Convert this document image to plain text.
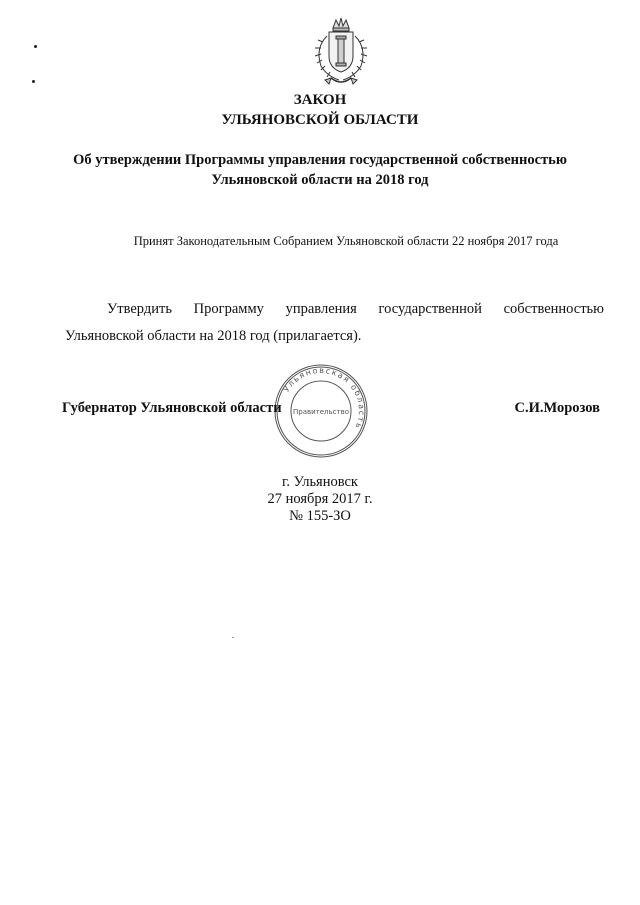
ЗАКОН
УЛЬЯНОВСКОЙ ОБЛАСТИ
Об утверждении Программы управления государственной собственностью
Ульяновской области на 2018 год
Принят Законодательным Собранием Ульяновской области 22 ноября 2017 года
Утвердить Программу управления государственной собственностью
Ульяновской области на 2018 год (прилагается).
Ульяновская область
Правительство
Губернатор Ульяновской области	С.И.Морозов
г. Ульяновск
27 ноября 2017 г.
№ 155-ЗО
